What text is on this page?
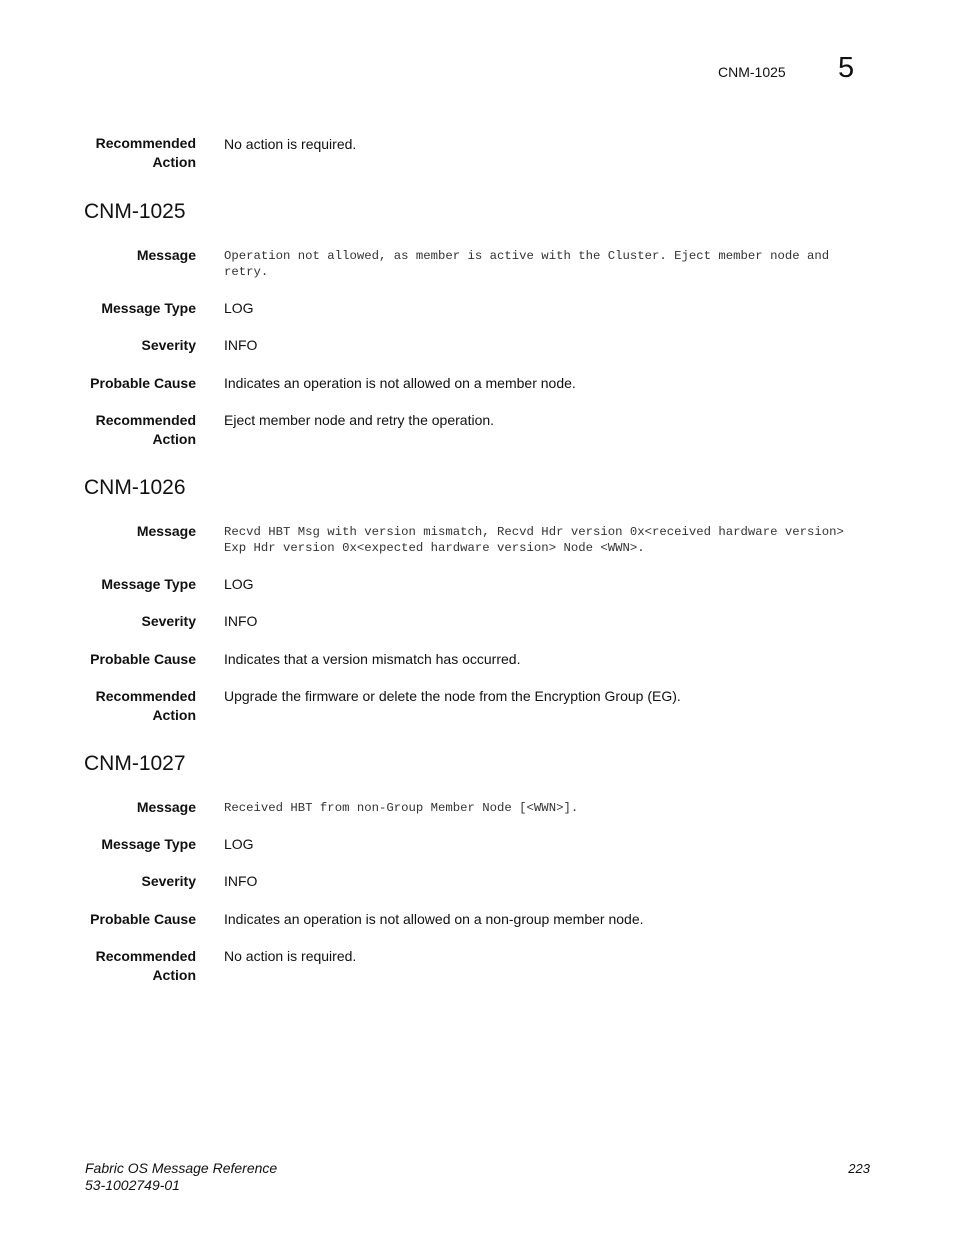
CNM-1025 5
Recommended
Action
No action is required.
CNM-1025
Message Operation not allowed, as member is active with the Cluster. Eject member node and retry.
Message Type LOG
Severity INFO
Probable Cause Indicates an operation is not allowed on a member node.
Recommended
Action
Eject member node and retry the operation.
CNM-1026
Message Recvd HBT Msg with version mismatch, Recvd Hdr version 0x<received hardware version> Exp Hdr version 0x<expected hardware version> Node <WWN>.
Message Type LOG
Severity INFO
Probable Cause Indicates that a version mismatch has occurred.
Recommended
Action
Upgrade the firmware or delete the node from the Encryption Group (EG).
CNM-1027
Message Received HBT from non-Group Member Node [<WWN>].
Message Type LOG
Severity INFO
Probable Cause Indicates an operation is not allowed on a non-group member node.
Recommended
Action
No action is required.
Fabric OS Message Reference
53-1002749-01
223
